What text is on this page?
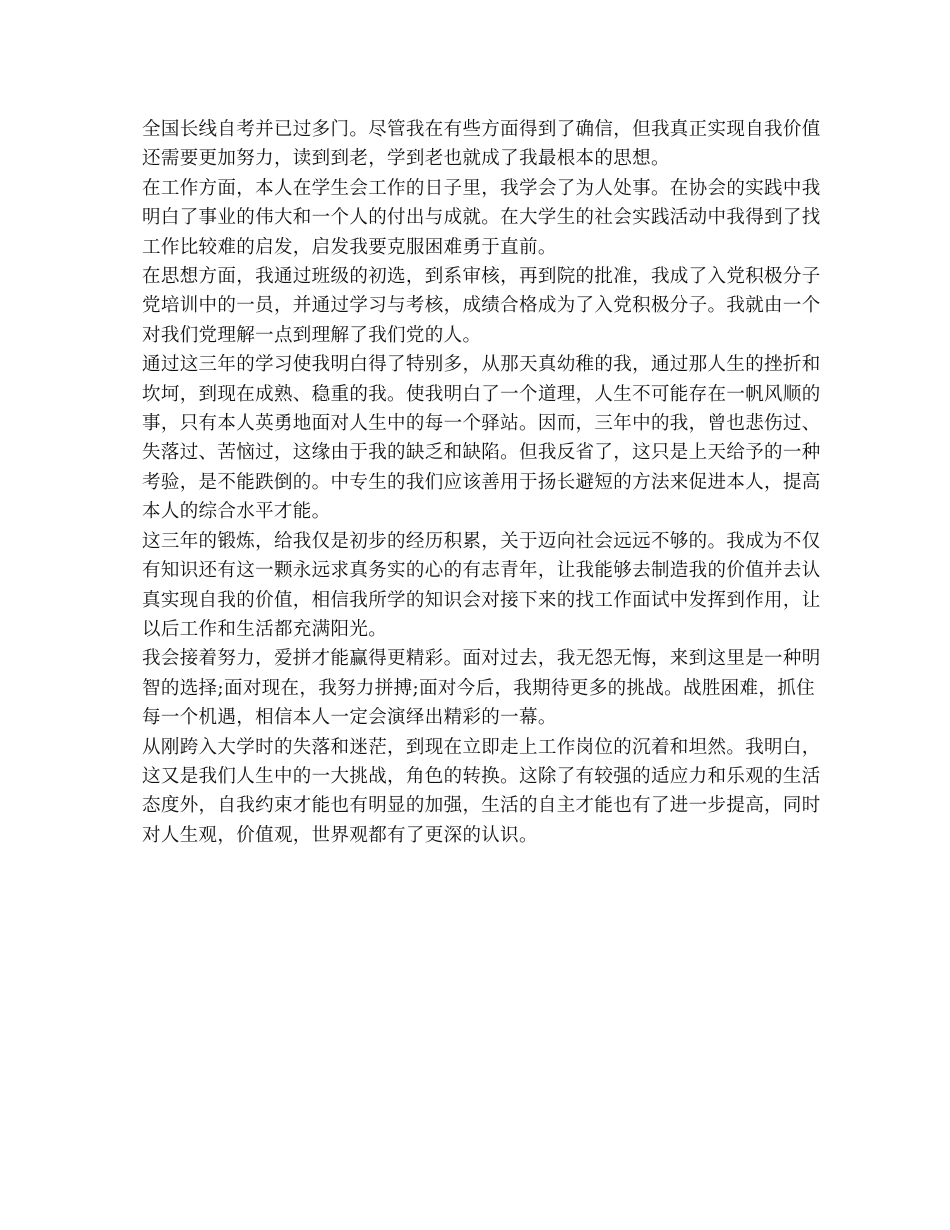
全国长线自考并已过多门。尽管我在有些方面得到了确信，但我真正实现自我价值
还需要更加努力，读到到老，学到老也就成了我最根本的思想。
在工作方面，本人在学生会工作的日子里，我学会了为人处事。在协会的实践中我
明白了事业的伟大和一个人的付出与成就。在大学生的社会实践活动中我得到了找
工作比较难的启发，启发我要克服困难勇于直前。
在思想方面，我通过班级的初选，到系审核，再到院的批准，我成了入党积极分子
党培训中的一员，并通过学习与考核，成绩合格成为了入党积极分子。我就由一个
对我们党理解一点到理解了我们党的人。
通过这三年的学习使我明白得了特别多，从那天真幼稚的我，通过那人生的挫折和
坎坷，到现在成熟、稳重的我。使我明白了一个道理，人生不可能存在一帆风顺的
事，只有本人英勇地面对人生中的每一个驿站。因而，三年中的我，曾也悲伤过、
失落过、苦恼过，这缘由于我的缺乏和缺陷。但我反省了，这只是上天给予的一种
考验，是不能跌倒的。中专生的我们应该善用于扬长避短的方法来促进本人，提高
本人的综合水平才能。
这三年的锻炼，给我仅是初步的经历积累，关于迈向社会远远不够的。我成为不仅
有知识还有这一颗永远求真务实的心的有志青年，让我能够去制造我的价值并去认
真实现自我的价值，相信我所学的知识会对接下来的找工作面试中发挥到作用，让
以后工作和生活都充满阳光。
我会接着努力，爱拼才能赢得更精彩。面对过去，我无怨无悔，来到这里是一种明
智的选择;面对现在，我努力拼搏;面对今后，我期待更多的挑战。战胜困难，抓住
每一个机遇，相信本人一定会演绎出精彩的一幕。
从刚跨入大学时的失落和迷茫，到现在立即走上工作岗位的沉着和坦然。我明白，
这又是我们人生中的一大挑战，角色的转换。这除了有较强的适应力和乐观的生活
态度外，自我约束才能也有明显的加强，生活的自主才能也有了进一步提高，同时
对人生观，价值观，世界观都有了更深的认识。
